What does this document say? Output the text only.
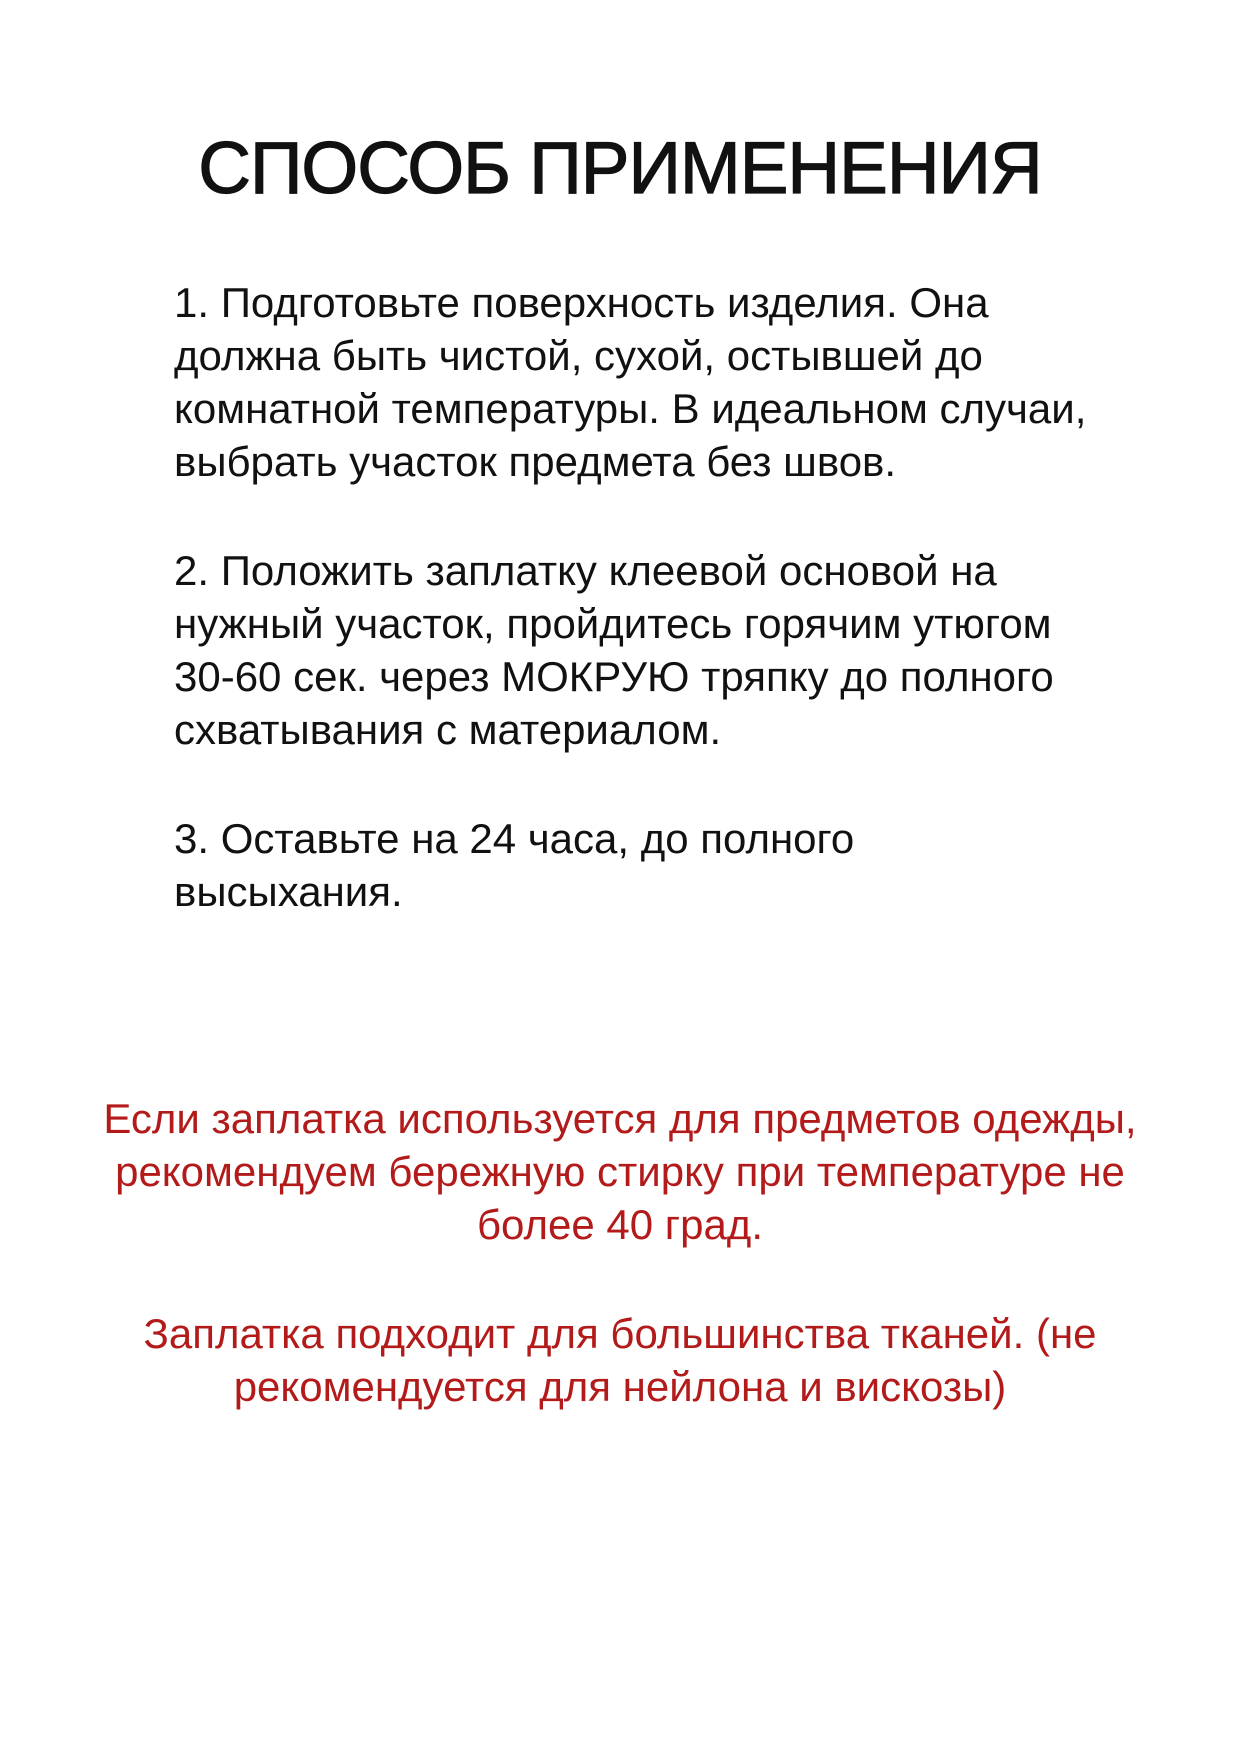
СПОСОБ ПРИМЕНЕНИЯ

1. Подготовьте поверхность изделия. Она должна быть чистой, сухой, остывшей до комнатной температуры. В идеальном случаи, выбрать участок предмета без швов.

2. Положить заплатку клеевой основой на нужный участок, пройдитесь горячим утюгом 30-60 сек. через МОКРУЮ тряпку до полного схватывания с материалом.

3. Оставьте на 24 часа, до полного высыхания.

Если заплатка используется для предметов одежды, рекомендуем бережную стирку при температуре не более 40 град.

Заплатка подходит для большинства тканей. (не рекомендуется для нейлона и вискозы)
